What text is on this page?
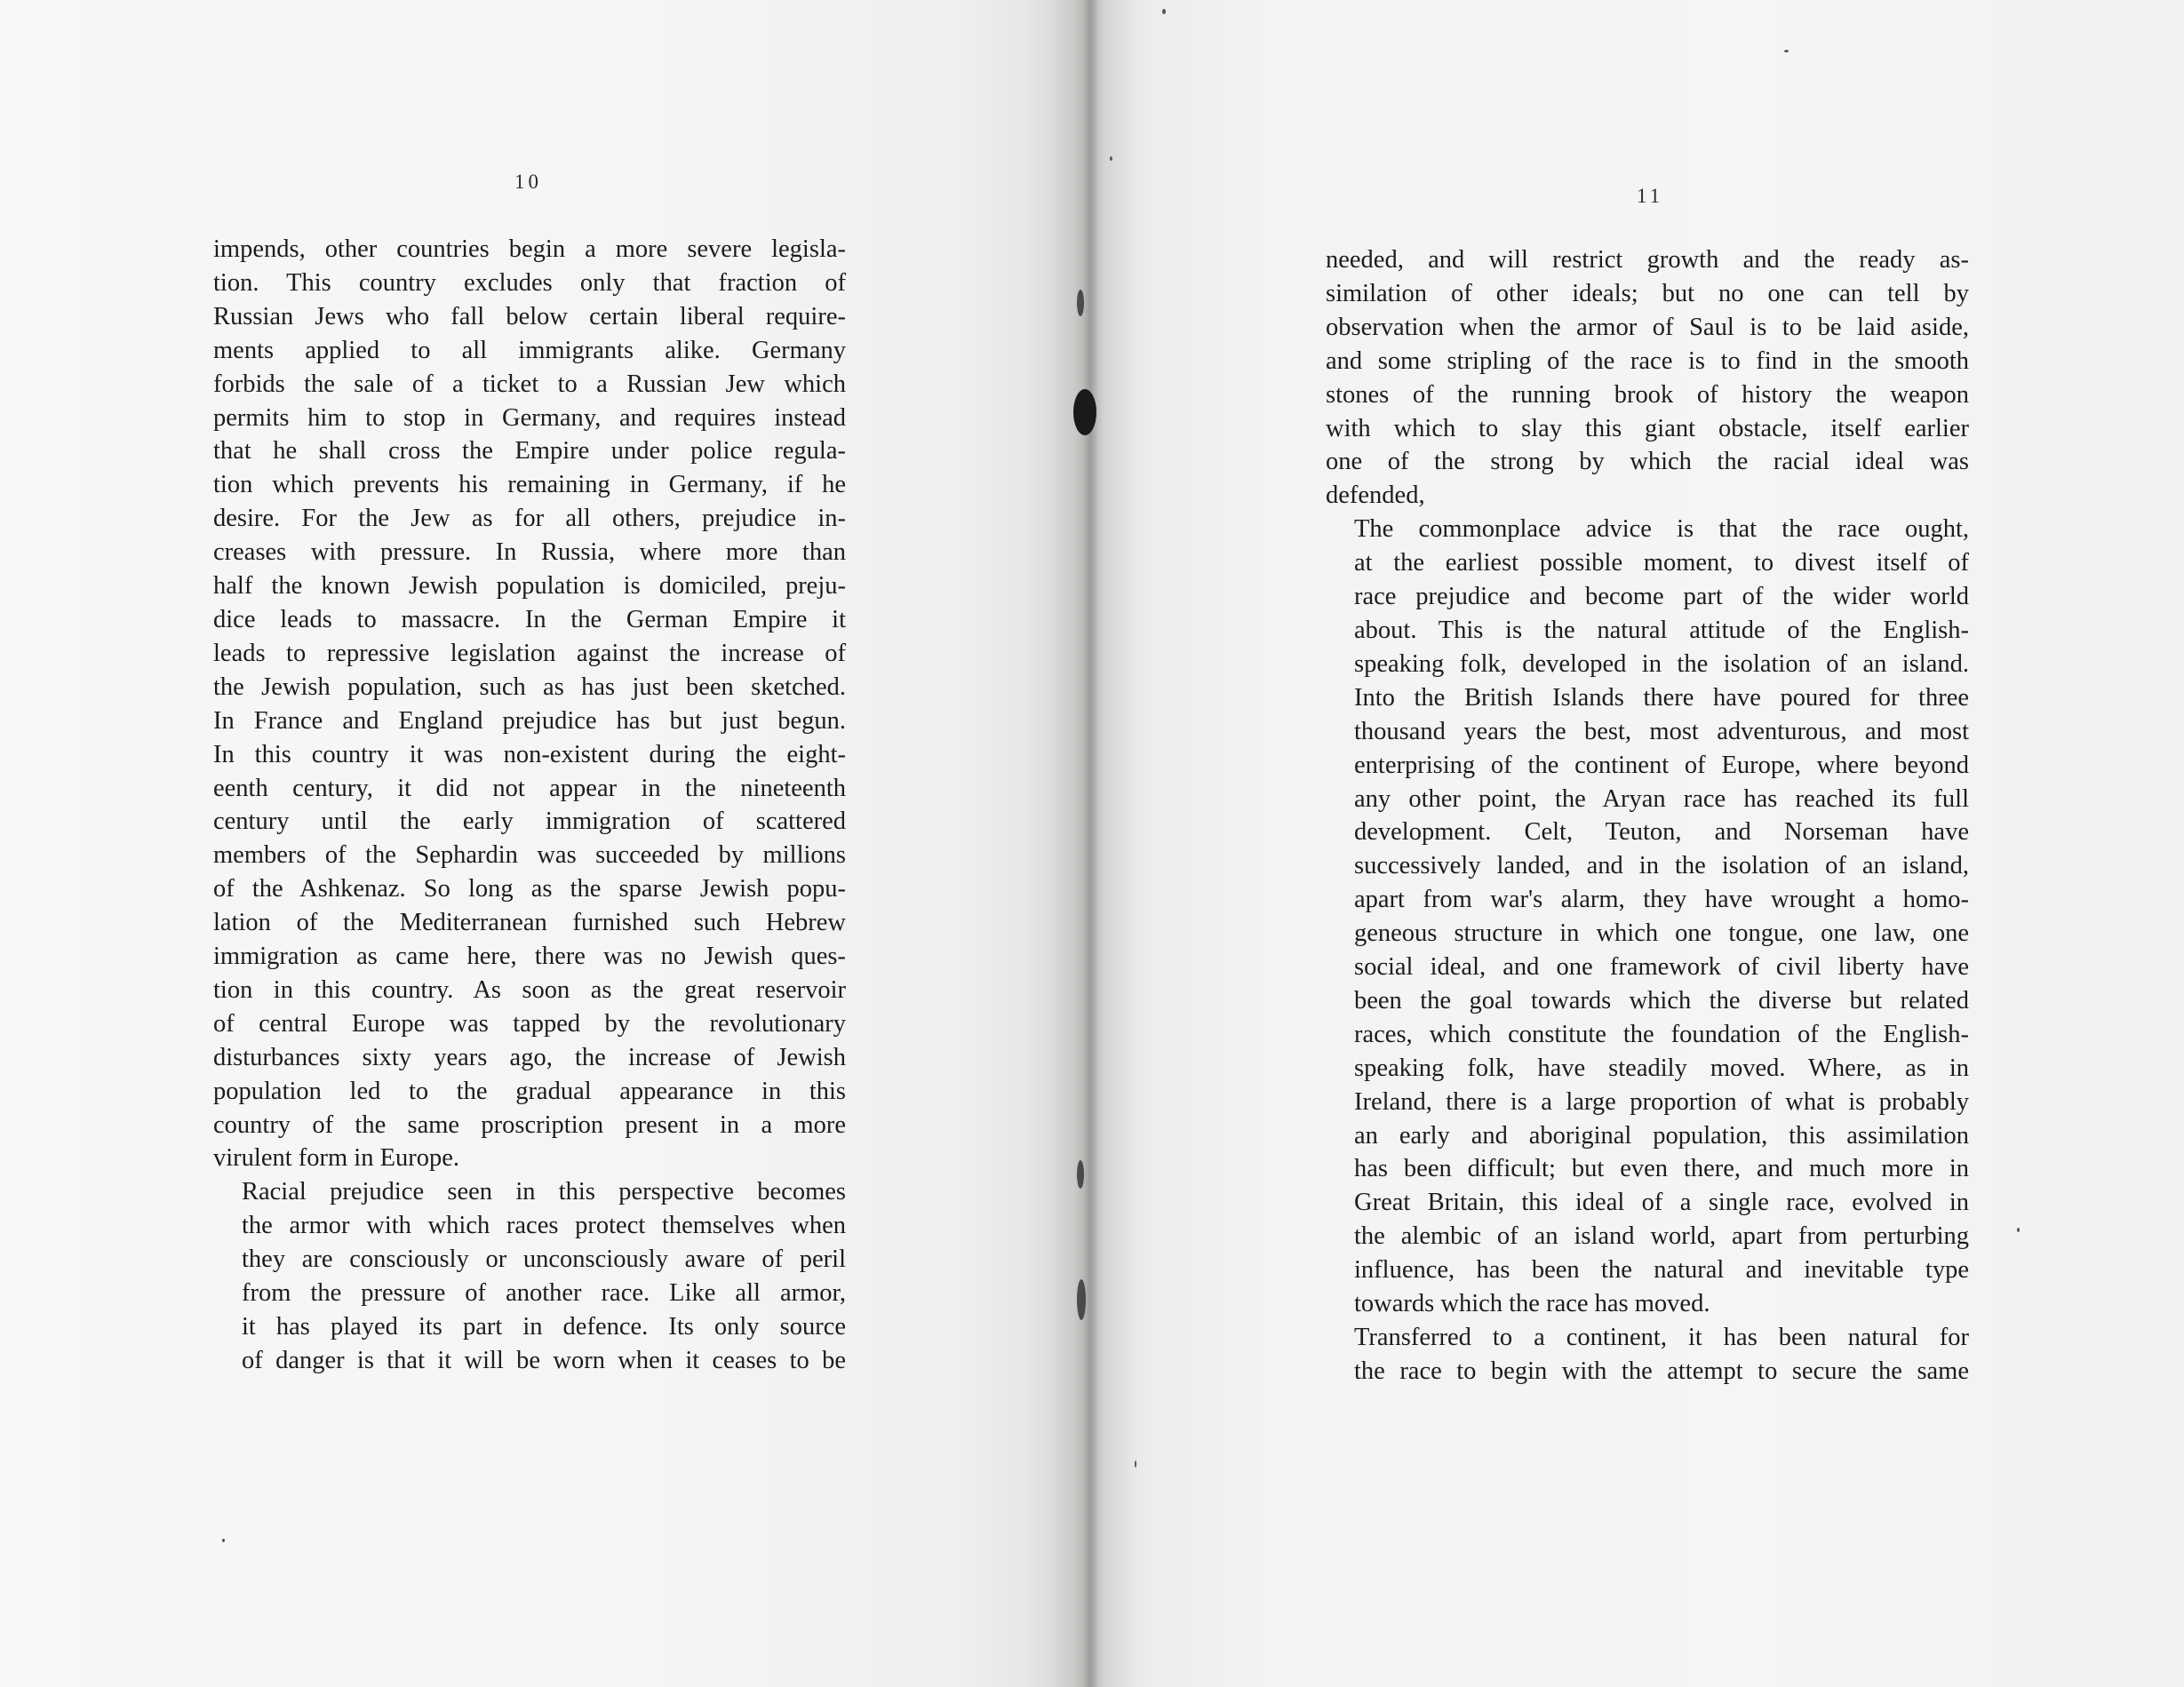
10
impends, other countries begin a more severe legisla-
tion. This country excludes only that fraction of
Russian Jews who fall below certain liberal require-
ments applied to all immigrants alike. Germany
forbids the sale of a ticket to a Russian Jew which
permits him to stop in Germany, and requires instead
that he shall cross the Empire under police regula-
tion which prevents his remaining in Germany, if he
desire. For the Jew as for all others, prejudice in-
creases with pressure. In Russia, where more than
half the known Jewish population is domiciled, preju-
dice leads to massacre. In the German Empire it
leads to repressive legislation against the increase of
the Jewish population, such as has just been sketched.
In France and England prejudice has but just begun.
In this country it was non-existent during the eight-
eenth century, it did not appear in the nineteenth
century until the early immigration of scattered
members of the Sephardin was succeeded by millions
of the Ashkenaz. So long as the sparse Jewish popu-
lation of the Mediterranean furnished such Hebrew
immigration as came here, there was no Jewish ques-
tion in this country. As soon as the great reservoir
of central Europe was tapped by the revolutionary
disturbances sixty years ago, the increase of Jewish
population led to the gradual appearance in this
country of the same proscription present in a more
virulent form in Europe.
Racial prejudice seen in this perspective becomes
the armor with which races protect themselves when
they are consciously or unconsciously aware of peril
from the pressure of another race. Like all armor,
it has played its part in defence. Its only source
of danger is that it will be worn when it ceases to be
11
needed, and will restrict growth and the ready as-
similation of other ideals; but no one can tell by
observation when the armor of Saul is to be laid aside,
and some stripling of the race is to find in the smooth
stones of the running brook of history the weapon
with which to slay this giant obstacle, itself earlier
one of the strong by which the racial ideal was
defended,
The commonplace advice is that the race ought,
at the earliest possible moment, to divest itself of
race prejudice and become part of the wider world
about. This is the natural attitude of the English-
speaking folk, developed in the isolation of an island.
Into the British Islands there have poured for three
thousand years the best, most adventurous, and most
enterprising of the continent of Europe, where beyond
any other point, the Aryan race has reached its full
development. Celt, Teuton, and Norseman have
successively landed, and in the isolation of an island,
apart from war's alarm, they have wrought a homo-
geneous structure in which one tongue, one law, one
social ideal, and one framework of civil liberty have
been the goal towards which the diverse but related
races, which constitute the foundation of the English-
speaking folk, have steadily moved. Where, as in
Ireland, there is a large proportion of what is probably
an early and aboriginal population, this assimilation
has been difficult; but even there, and much more in
Great Britain, this ideal of a single race, evolved in
the alembic of an island world, apart from perturbing
influence, has been the natural and inevitable type
towards which the race has moved.
Transferred to a continent, it has been natural for
the race to begin with the attempt to secure the same
